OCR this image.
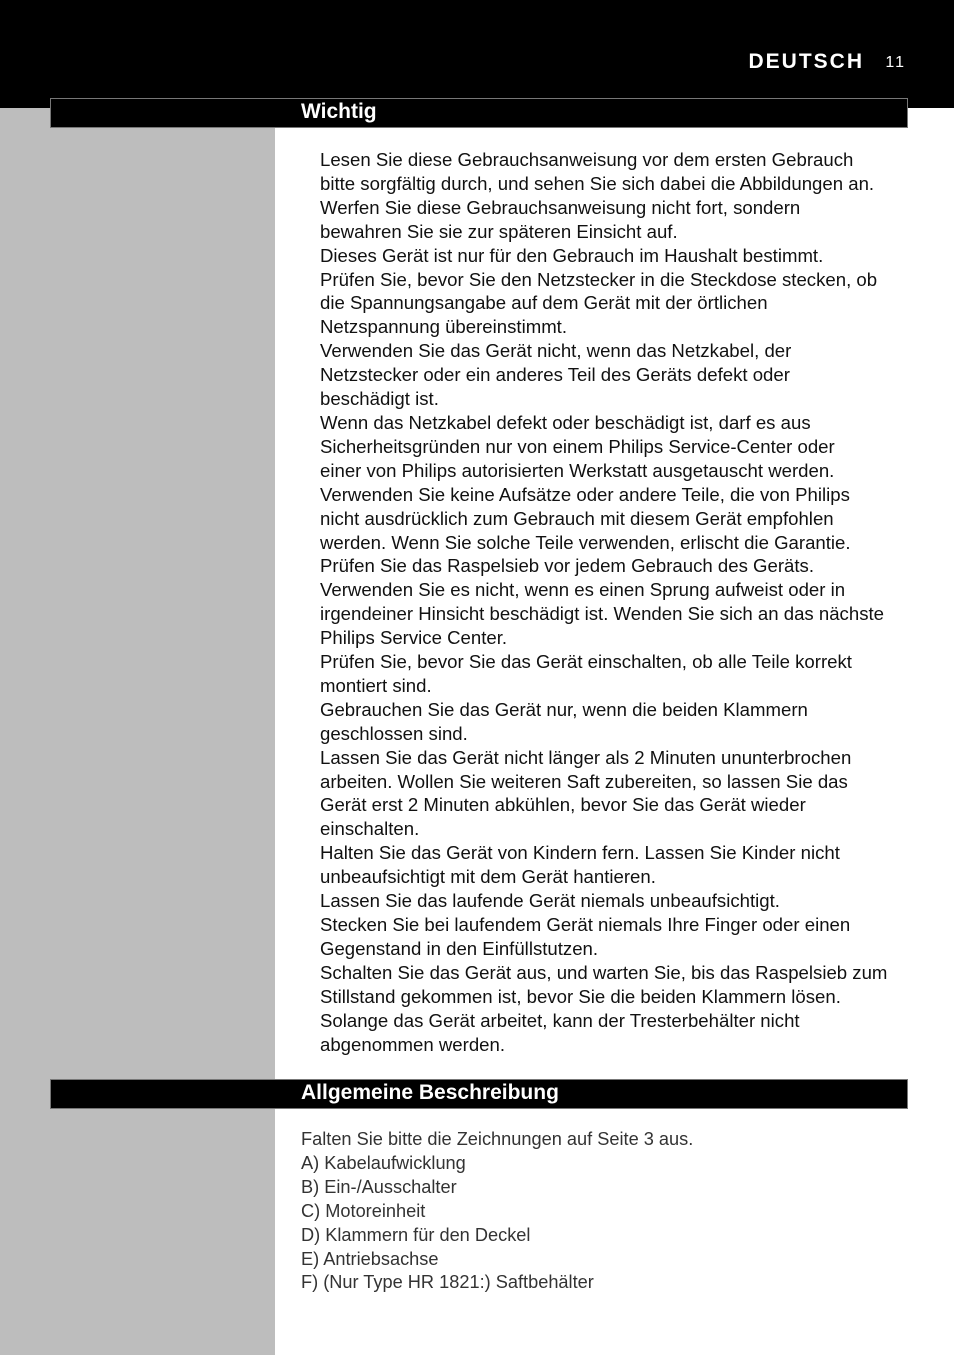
DEUTSCH 11
Wichtig

Lesen Sie diese Gebrauchsanweisung vor dem ersten Gebrauch

bitte sorgfältig durch, und sehen Sie sich dabei die Abbildungen an.

Werfen Sie diese Gebrauchsanweisung nicht fort, sondern

bewahren Sie sie zur späteren Einsicht auf.

Dieses Gerät ist nur für den Gebrauch im Haushalt bestimmt.

Prüfen Sie, bevor Sie den Netzstecker in die Steckdose stecken, ob

die Spannungsangabe auf dem Gerät mit der örtlichen

Netzspannung übereinstimmt.

Verwenden Sie das Gerät nicht, wenn das Netzkabel, der

Netzstecker oder ein anderes Teil des Geräts defekt oder

beschädigt ist.

Wenn das Netzkabel defekt oder beschädigt ist, darf es aus

Sicherheitsgründen nur von einem Philips Service-Center oder

einer von Philips autorisierten Werkstatt ausgetauscht werden.

Verwenden Sie keine Aufsätze oder andere Teile, die von Philips

nicht ausdrücklich zum Gebrauch mit diesem Gerät empfohlen

werden. Wenn Sie solche Teile verwenden, erlischt die Garantie.

Prüfen Sie das Raspelsieb vor jedem Gebrauch des Geräts.

Verwenden Sie es nicht, wenn es einen Sprung aufweist oder in

irgendeiner Hinsicht beschädigt ist. Wenden Sie sich an das nächste

Philips Service Center.

Prüfen Sie, bevor Sie das Gerät einschalten, ob alle Teile korrekt

montiert sind.

Gebrauchen Sie das Gerät nur, wenn die beiden Klammern

geschlossen sind.

Lassen Sie das Gerät nicht länger als 2 Minuten ununterbrochen

arbeiten. Wollen Sie weiteren Saft zubereiten, so lassen Sie das

Gerät erst 2 Minuten abkühlen, bevor Sie das Gerät wieder

einschalten.

Halten Sie das Gerät von Kindern fern. Lassen Sie Kinder nicht

unbeaufsichtigt mit dem Gerät hantieren.

Lassen Sie das laufende Gerät niemals unbeaufsichtigt.

Stecken Sie bei laufendem Gerät niemals Ihre Finger oder einen

Gegenstand in den Einfüllstutzen.

Schalten Sie das Gerät aus, und warten Sie, bis das Raspelsieb zum

Stillstand gekommen ist, bevor Sie die beiden Klammern lösen.

Solange das Gerät arbeitet, kann der Tresterbehälter nicht

abgenommen werden.

Allgemeine Beschreibung

Falten Sie bitte die Zeichnungen auf Seite 3 aus.

A) Kabelaufwicklung

B) Ein-/Ausschalter

C) Motoreinheit

D) Klammern für den Deckel

E) Antriebsachse

F) (Nur Type HR 1821:) Saftbehälter
